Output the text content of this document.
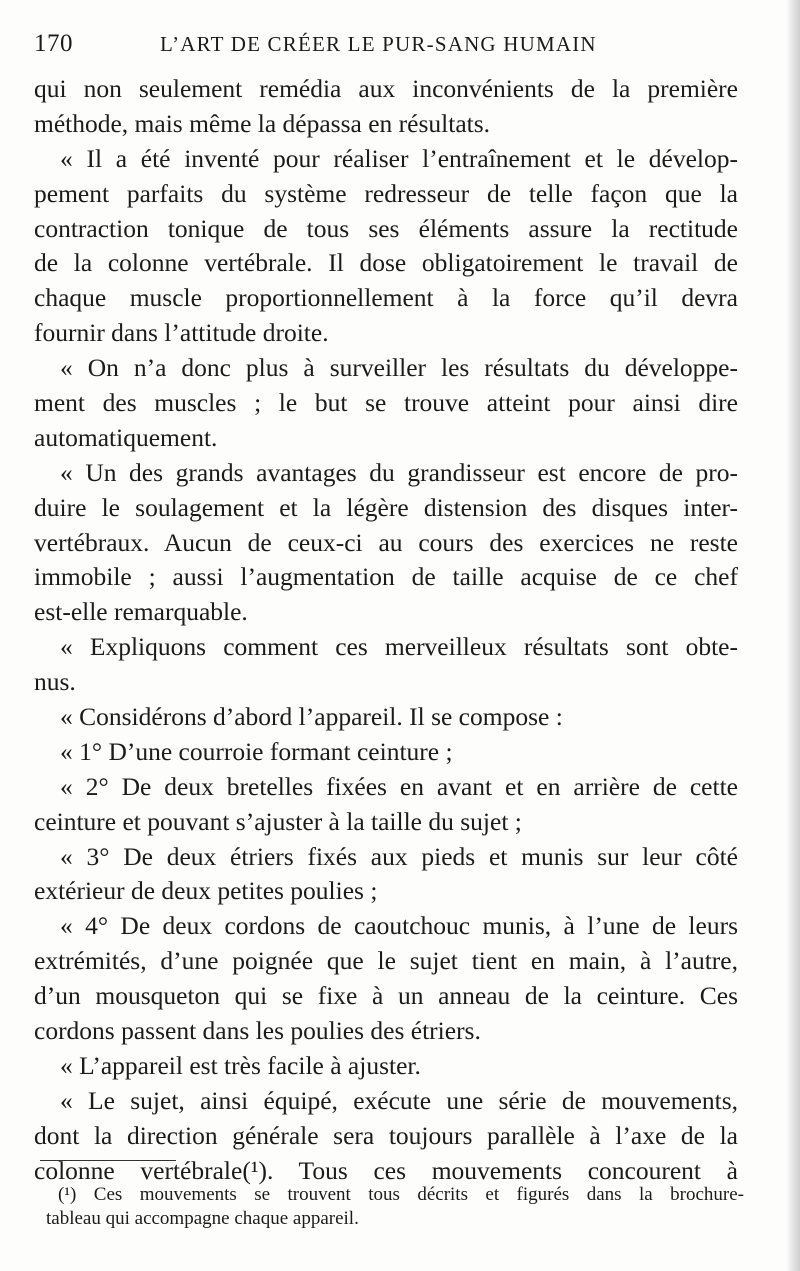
170	L’ART DE CRÉER LE PUR-SANG HUMAIN
qui non seulement remédia aux inconvénients de la première
méthode, mais même la dépassa en résultats.
« Il a été inventé pour réaliser l’entraînement et le dévelop-
pement parfaits du système redresseur de telle façon que la
contraction tonique de tous ses éléments assure la rectitude
de la colonne vertébrale. Il dose obligatoirement le travail de
chaque muscle proportionnellement à la force qu’il devra
fournir dans l’attitude droite.
« On n’a donc plus à surveiller les résultats du développe-
ment des muscles ; le but se trouve atteint pour ainsi dire
automatiquement.
« Un des grands avantages du grandisseur est encore de pro-
duire le soulagement et la légère distension des disques inter-
vertébraux. Aucun de ceux-ci au cours des exercices ne reste
immobile ; aussi l’augmentation de taille acquise de ce chef
est-elle remarquable.
« Expliquons comment ces merveilleux résultats sont obte-
nus.
« Considérons d’abord l’appareil. Il se compose :
« 1° D’une courroie formant ceinture ;
« 2° De deux bretelles fixées en avant et en arrière de cette
ceinture et pouvant s’ajuster à la taille du sujet ;
« 3° De deux étriers fixés aux pieds et munis sur leur côté
extérieur de deux petites poulies ;
« 4° De deux cordons de caoutchouc munis, à l’une de leurs
extrémités, d’une poignée que le sujet tient en main, à l’autre,
d’un mousqueton qui se fixe à un anneau de la ceinture. Ces
cordons passent dans les poulies des étriers.
« L’appareil est très facile à ajuster.
« Le sujet, ainsi équipé, exécute une série de mouvements,
dont la direction générale sera toujours parallèle à l’axe de la
colonne vertébrale(¹). Tous ces mouvements concourent à
(¹) Ces mouvements se trouvent tous décrits et figurés dans la brochure-
tableau qui accompagne chaque appareil.
